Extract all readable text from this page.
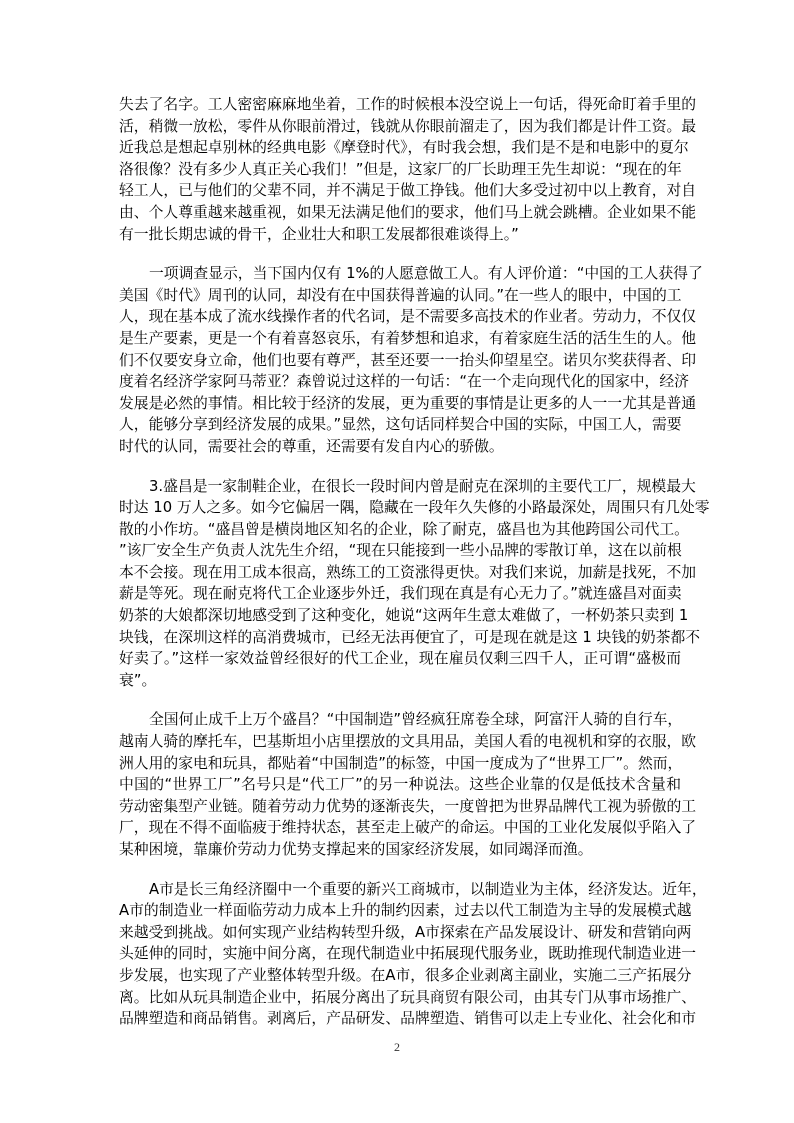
失去了名字。工人密密麻麻地坐着，工作的时候根本没空说上一句话，得死命盯着手里的
活，稍微一放松，零件从你眼前滑过，钱就从你眼前溜走了，因为我们都是计件工资。最
近我总是想起卓别林的经典电影《摩登时代》，有时我会想，我们是不是和电影中的夏尔
洛很像？没有多少人真正关心我们！”但是，这家厂的厂长助理王先生却说：“现在的年
轻工人，已与他们的父辈不同，并不满足于做工挣钱。他们大多受过初中以上教育，对自
由、个人尊重越来越重视，如果无法满足他们的要求，他们马上就会跳槽。企业如果不能
有一批长期忠诚的骨干，企业壮大和职工发展都很难谈得上。”
一项调查显示，当下国内仅有 1%的人愿意做工人。有人评价道：“中国的工人获得了
美国《时代》周刊的认同，却没有在中国获得普遍的认同。”在一些人的眼中，中国的工
人，现在基本成了流水线操作者的代名词，是不需要多高技术的作业者。劳动力，不仅仅
是生产要素，更是一个有着喜怒哀乐，有着梦想和追求，有着家庭生活的活生生的人。他
们不仅要安身立命，他们也要有尊严，甚至还要一一抬头仰望星空。诺贝尔奖获得者、印
度着名经济学家阿马蒂亚？森曾说过这样的一句话：“在一个走向现代化的国家中，经济
发展是必然的事情。相比较于经济的发展，更为重要的事情是让更多的人一一尤其是普通
人，能够分享到经济发展的成果。”显然，这句话同样契合中国的实际，中国工人，需要
时代的认同，需要社会的尊重，还需要有发自内心的骄傲。
3.盛昌是一家制鞋企业，在很长一段时间内曾是耐克在深圳的主要代工厂，规模最大
时达 10 万人之多。如今它偏居一隅，隐藏在一段年久失修的小路最深处，周围只有几处零
散的小作坊。“盛昌曾是横岗地区知名的企业，除了耐克，盛昌也为其他跨国公司代工。
”该厂安全生产负责人沈先生介绍，“现在只能接到一些小品牌的零散订单，这在以前根
本不会接。现在用工成本很高，熟练工的工资涨得更快。对我们来说，加薪是找死，不加
薪是等死。现在耐克将代工企业逐步外迁，我们现在真是有心无力了。”就连盛昌对面卖
奶茶的大娘都深切地感受到了这种变化，她说“这两年生意太难做了，一杯奶茶只卖到 1
块钱，在深圳这样的高消费城市，已经无法再便宜了，可是现在就是这 1 块钱的奶茶都不
好卖了。”这样一家效益曾经很好的代工企业，现在雇员仅剩三四千人，正可谓“盛极而
衰”。
全国何止成千上万个盛昌？“中国制造”曾经疯狂席卷全球，阿富汗人骑的自行车，
越南人骑的摩托车，巴基斯坦小店里摆放的文具用品，美国人看的电视机和穿的衣服，欧
洲人用的家电和玩具，都贴着“中国制造”的标签，中国一度成为了“世界工厂”。然而，
中国的“世界工厂”名号只是“代工厂”的另一种说法。这些企业靠的仅是低技术含量和
劳动密集型产业链。随着劳动力优势的逐渐丧失，一度曾把为世界品牌代工视为骄傲的工
厂，现在不得不面临疲于维持状态，甚至走上破产的命运。中国的工业化发展似乎陷入了
某种困境，靠廉价劳动力优势支撑起来的国家经济发展，如同竭泽而渔。
A市是长三角经济圈中一个重要的新兴工商城市，以制造业为主体，经济发达。近年，
A市的制造业一样面临劳动力成本上升的制约因素，过去以代工制造为主导的发展模式越
来越受到挑战。如何实现产业结构转型升级，A市探索在产品发展设计、研发和营销向两
头延伸的同时，实施中间分离，在现代制造业中拓展现代服务业，既助推现代制造业进一
步发展，也实现了产业整体转型升级。在A市，很多企业剥离主副业，实施二三产拓展分
离。比如从玩具制造企业中，拓展分离出了玩具商贸有限公司，由其专门从事市场推广、
品牌塑造和商品销售。剥离后，产品研发、品牌塑造、销售可以走上专业化、社会化和市
2
